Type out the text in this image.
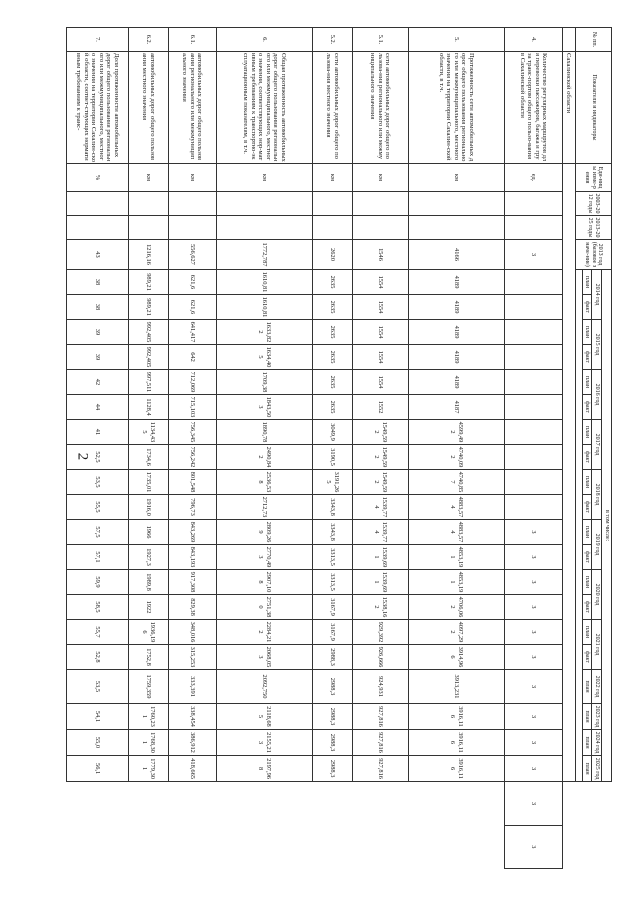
2
№ пп.	Показатели и индикаторы	Еди-ницы изме-рения	2003-2012 годы	2013-2025 годы	2013 год (базовое значе-ние)	в том числе:																					
						2014 год		2015 год		2016 год		2017 год		2018 год		2019 год		2020 год		2021 год		2022 год	2023 год	2024 год	2025 год		
						план	факт	план	факт	план	факт	план	факт	план	факт	план	факт	план	факт	план	факт	план	план	план	план		

	Сахалинской области																										
4.	Количество регулярных маршрутов для перевозки пассажиров, багажа и груза транс-портом общего пользо-вания в Сахалинской области	ед.			3											3	3	3	3	3	3	3	3	3	3	3	3
5.	Протяженность сети автомобильных дорог общего пользования регионального или межмуниципального, местного значения на территории Сахалин-ской области, в т.ч.	км			4166	4189	4189	4189	4189	4189	4187	4599,492	4740,092	4740,857	4883,574	4883,574	4853,191	4853,191	4706,062	4097,292	3914,966	3913,231	3916,116	3916,116	3916,116		
5.1.	сети автомобильных дорог общего пользова-ния регионального или межмуниципального значения	км			1546	1554	1554	1554	1554	1554	1552	1549,592	1549,592	1549,592	1539,774	1539,774	1539,691	1539,691	1538,162	929,392	926,666	924,931	927,816	927,816	927,816		
5.2.	сети автомобильных дорог общего пользова-ния местного значения	км			2620	2635	2635	2635	2635	2635	2635	3049,9	3190,5	3191,265	3343,8	3343,8	3313,5	3313,5	3167,9	3167,9	2988,3	2988,3	2988,3	2988,3	2988,3		
6.	Общая протяженность автомобильных дорог общего пользования регионального или межмуниципального, местного значения, соответствующих нор-мативным требованиям к транспортно-эксплуатационным показателям, в т.ч.	км			1772,787	1610,81	1610,81	1633,822	1634,405	1709,38	1843,503	1890,78	2490,842	2536,538	2712,73	2809,269	2770,493	2907,108	2751,380	2284,212	2068,053	2092,750	2118,685	2155,213	2197,968		
6.1.	автомобильных дорог общего пользования регионального или межмуниципального значения	км			556,627	621,6	621,6	641,417	642	712,069	715,103	756,345	756,242	801,548	796,73	843,269	843,193	917,308	829,38	348,016	315,253	333,391	338,454	386,912	418,665		
6.2.	автомобильных дорог общего пользования местного значения	км			1216,16	989,21	989,21	992,405	992,405	997,511	1128,4	1134,435	1734,6	1735,01	1916,0	1966	1927,3	1989,8	1922	1936,196	1752,8	1759,359	1760,231	1768,301	1779,301		
7.	Доля протяженности автомобильных дорог общего пользования регионального или межмуниципального, местного значения на территории Сахалин-ской области, соответ-ствующих нормативным требованиям к транс-	%			43	38	38	39	39	42	44	41	52,5	53,5	55,5	57,5	57,1	59,9	58,5	55,7	52,8	53,5	54,1	55,0	56,1		
